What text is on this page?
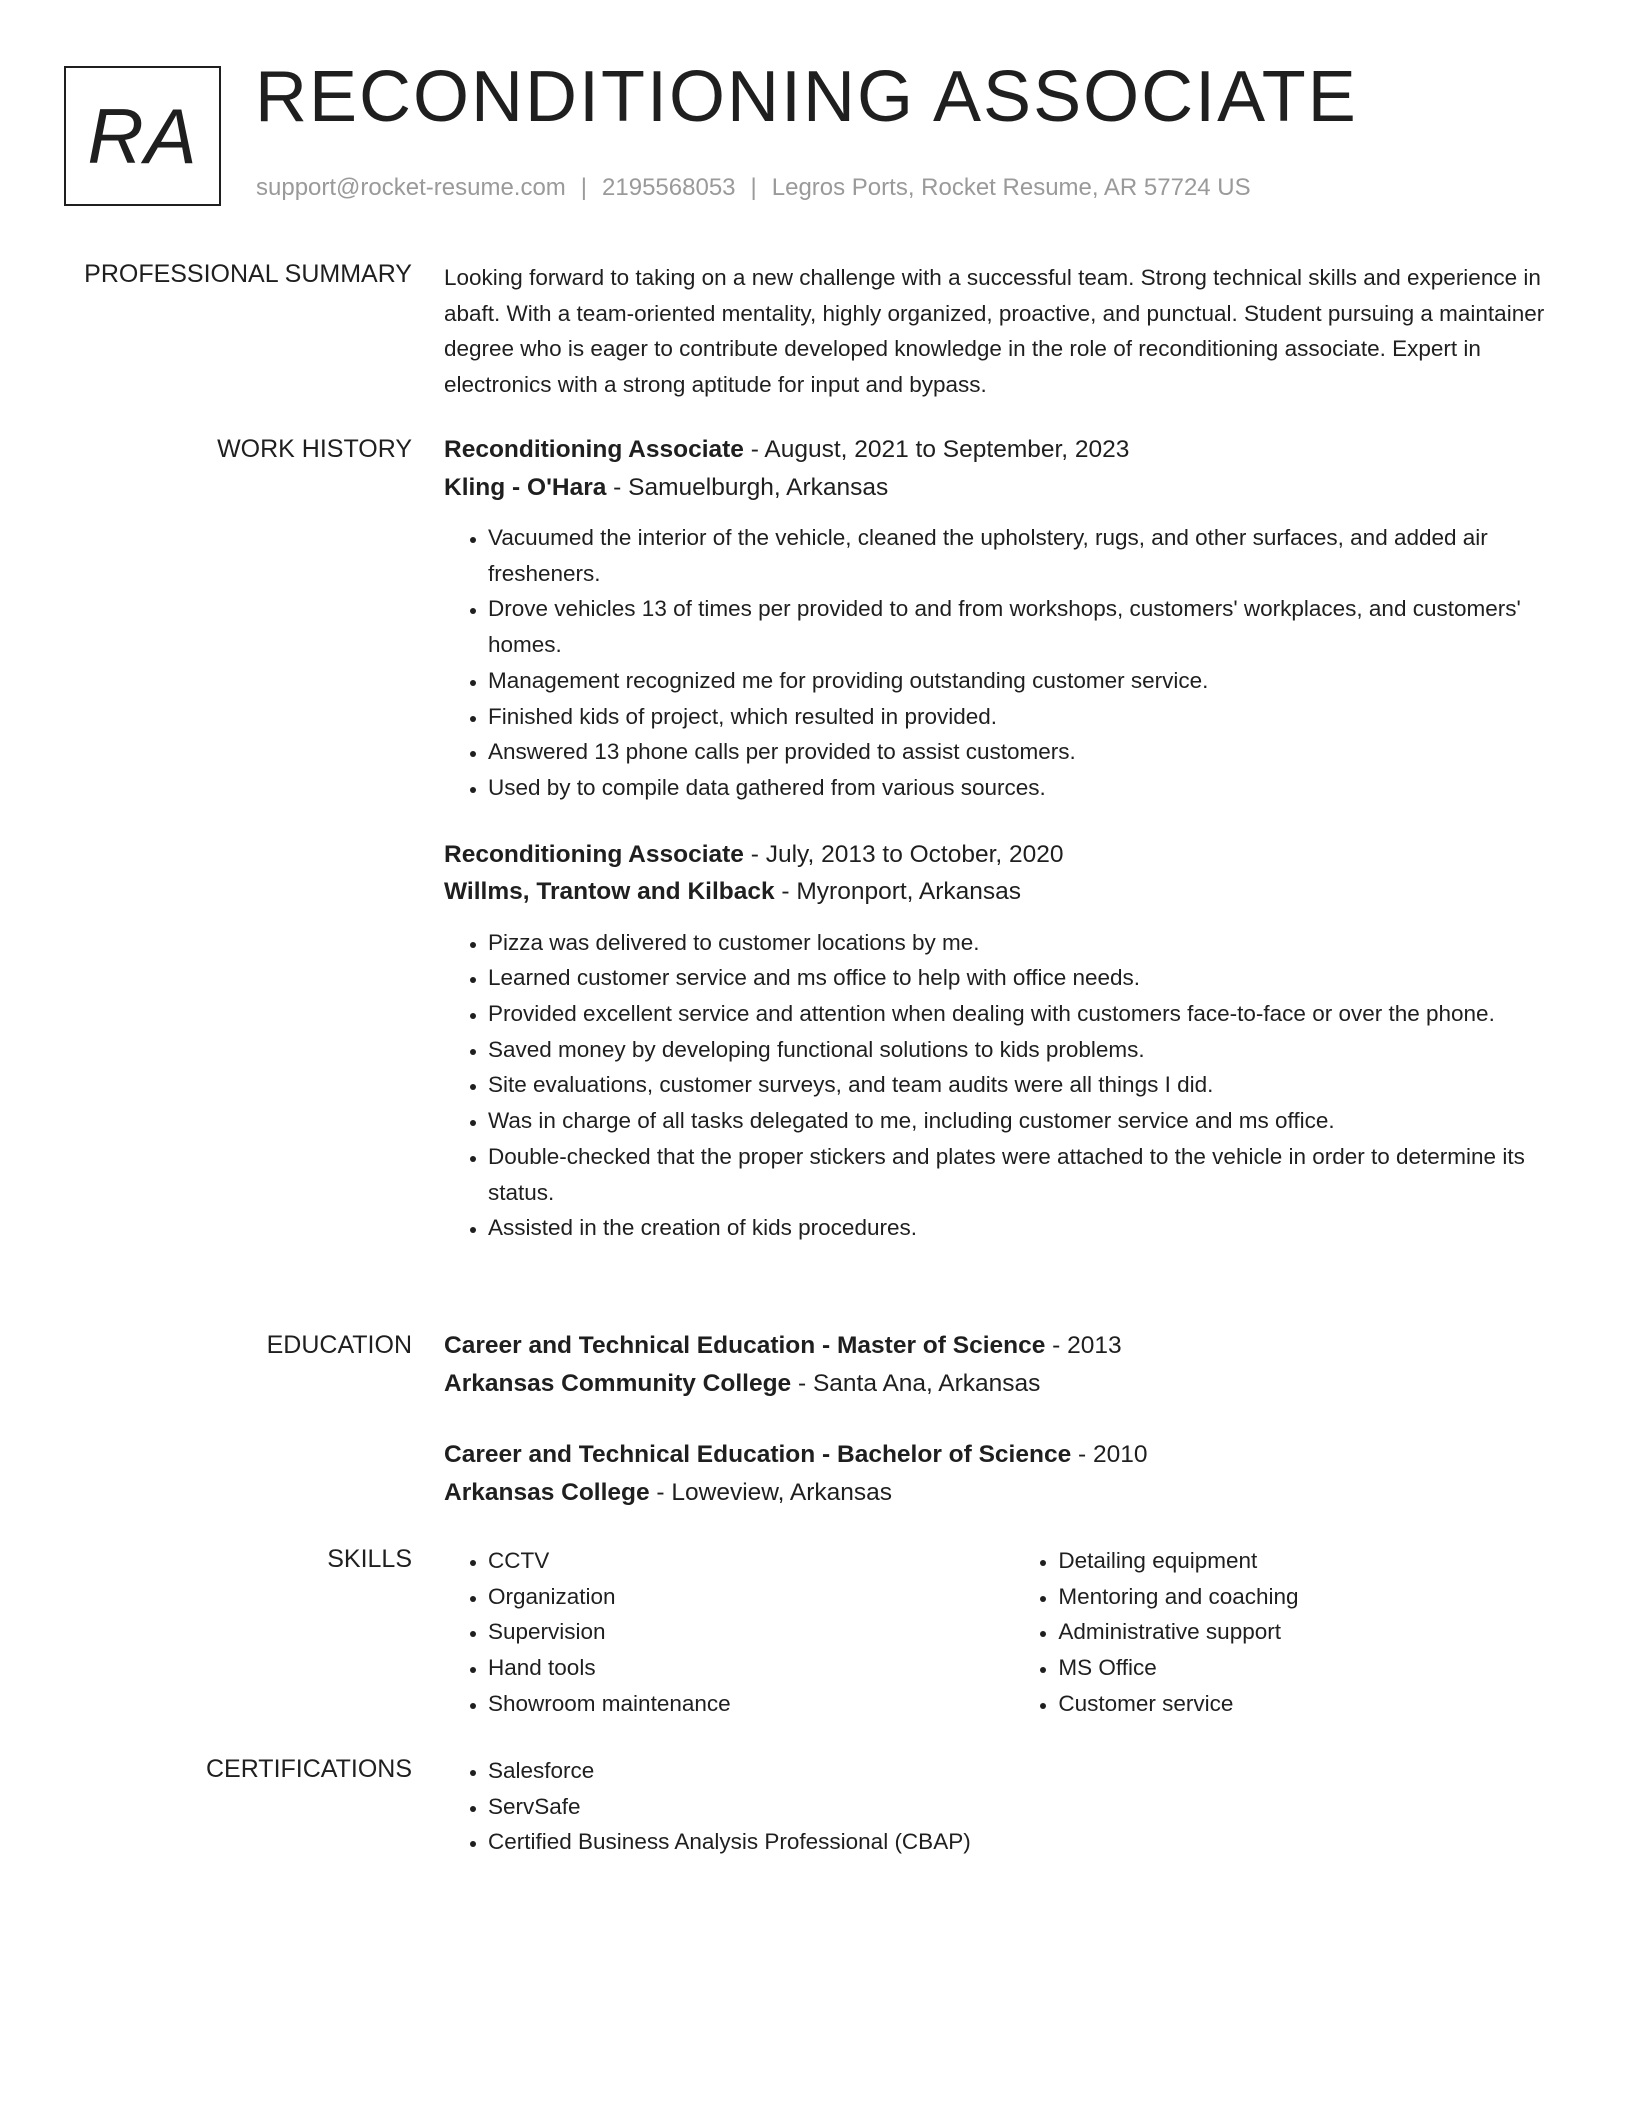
RA RECONDITIONING ASSOCIATE
support@rocket-resume.com | 2195568053 | Legros Ports, Rocket Resume, AR 57724 US
PROFESSIONAL SUMMARY Looking forward to taking on a new challenge with a successful team. Strong technical skills and experience in abaft. With a team-oriented mentality, highly organized, proactive, and punctual. Student pursuing a maintainer degree who is eager to contribute developed knowledge in the role of reconditioning associate. Expert in electronics with a strong aptitude for input and bypass.

WORK HISTORY Reconditioning Associate - August, 2021 to September, 2023
Kling - O'Hara - Samuelburgh, Arkansas
• Vacuumed the interior of the vehicle, cleaned the upholstery, rugs, and other surfaces, and added air fresheners.
• Drove vehicles 13 of times per provided to and from workshops, customers' workplaces, and customers' homes.
• Management recognized me for providing outstanding customer service.
• Finished kids of project, which resulted in provided.
• Answered 13 phone calls per provided to assist customers.
• Used by to compile data gathered from various sources.
Reconditioning Associate - July, 2013 to October, 2020
Willms, Trantow and Kilback - Myronport, Arkansas
• Pizza was delivered to customer locations by me.
• Learned customer service and ms office to help with office needs.
• Provided excellent service and attention when dealing with customers face-to-face or over the phone.
• Saved money by developing functional solutions to kids problems.
• Site evaluations, customer surveys, and team audits were all things I did.
• Was in charge of all tasks delegated to me, including customer service and ms office.
• Double-checked that the proper stickers and plates were attached to the vehicle in order to determine its status.
• Assisted in the creation of kids procedures.
EDUCATION Career and Technical Education - Master of Science - 2013
Arkansas Community College - Santa Ana, Arkansas
Career and Technical Education - Bachelor of Science - 2010
Arkansas College - Loweview, Arkansas
SKILLS	• CCTV
• Organization
• Supervision
• Hand tools
• Showroom maintenance
• Detailing equipment
• Mentoring and coaching
• Administrative support
• MS Office
• Customer service
CERTIFICATIONS	• Salesforce
• ServSafe
• Certified Business Analysis Professional (CBAP)
